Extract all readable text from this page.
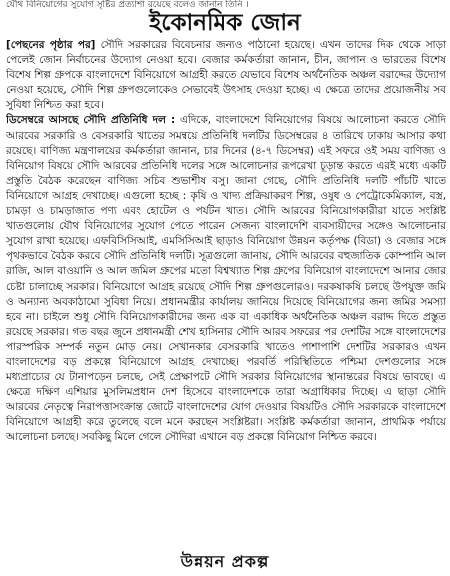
যৌথ বিনিয়োগের সুযোগ সৃষ্টির প্রত্যাশা রয়েছে বলেও জানান তিনি ।
ইকোনমিক জোন

[পেছনের পৃষ্ঠার পর] সৌদি সরকারের বিবেচনার জন্যও পাঠানো হয়েছে। এখন তাদের দিক থেকে সাড়া পেলেই জোন নির্বাচনের উদ্যোগ নেওয়া হবে। বেজার কর্মকর্তারা জানান, চীন, জাপান ও ভারতের বিশেষ বিশেষ শিল্প গ্রুপকে বাংলাদেশে বিনিয়োগে আগ্রহী করতে যেভাবে বিশেষ অর্থনৈতিক অঞ্চল বরাদ্দের উদ্যোগ নেওয়া হয়েছে, সৌদি শিল্প গ্রুপগুলোকেও সেভাবেই উৎসাহ দেওয়া হচ্ছে। এ ক্ষেত্রে তাদের প্রয়োজনীয় সব সুবিধা নিশ্চিত করা হবে।

ডিসেম্বরে আসছে সৌদি প্রতিনিধি দল : এদিকে, বাংলাদেশে বিনিয়োগের বিষয়ে আলোচনা করতে সৌদি আরবের সরকারি ও বেসরকারি খাতের সমন্বয়ে প্রতিনিধি দলটির ডিসেম্বরের ৪ তারিখে ঢাকায় আসার কথা রয়েছে। বাণিজ্য মন্ত্রণালয়ের কর্মকর্তারা জানান, চার দিনের (৪-৭ ডিসেম্বর) এই সফরে ওই সময় বাণিজ্য ও বিনিয়োগ বিষয়ে সৌদি আরবের প্রতিনিধি দলের সঙ্গে আলোচনার রূপরেখা চূড়ান্ত করতে এরই মধ্যে একটি প্রস্তুতি বৈঠক করেছেন বাণিজ্য সচিব শুভাশীষ বসু। জানা গেছে, সৌদি প্রতিনিধি দলটি পাঁচটি খাতে বিনিয়োগে আগ্রহ দেখাচ্ছে। এগুলো হচ্ছে : কৃষি ও খাদ্য প্রক্রিয়াকরণ শিল্প, ওষুধ ও পেট্রোকেমিক্যাল, বস্ত্র, চামড়া ও চামড়াজাত পণ্য এবং হোটেল ও পর্যটন খাত। সৌদি আরবের বিনিয়োগকারীরা যাতে সংশ্লিষ্ট খাতগুলোয় যৌথ বিনিয়োগের সুযোগ পেতে পারেন সেজন্য বাংলাদেশি ব্যবসায়ীদের সঙ্গেও আলোচনার সুযোগ রাখা হয়েছে। এফবিসিসিআই, এমসিসিআই ছাড়াও বিনিয়োগ উন্নয়ন কর্তৃপক্ষ (বিডা) ও বেজার সঙ্গে পৃথকভাবে বৈঠক করবে সৌদি প্রতিনিধি দলটি। সূত্রগুলো জানায়, সৌদি আরবের বহুজাতিক কোম্পানি আল রাজি, আল বাওয়ানি ও আল জমিল গ্রুপের মতো বিশ্বখ্যাত শিল্প গ্রুপের বিনিয়োগ বাংলাদেশে আনার জোর চেষ্টা চালাচ্ছে সরকার। বিনিয়োগে আগ্রহ রয়েছে সৌদি শিল্প গ্রুপগুলোরও। দরকষাকষি চলছে উপযুক্ত জমি ও অন্যান্য অবকাঠামো সুবিধা নিয়ে। প্রধানমন্ত্রীর কার্যালয় জানিয়ে দিয়েছে বিনিয়োগের জন্য জমির সমস্যা হবে না। চাইলে শুধু সৌদি বিনিয়োগকারীদের জন্য এক বা একাধিক অর্থনৈতিক অঞ্চল বরাদ্দ দিতে প্রস্তুত রয়েছে সরকার। গত বছর জুনে প্রধানমন্ত্রী শেখ হাসিনার সৌদি আরব সফরের পর দেশটির সঙ্গে বাংলাদেশের পারস্পরিক সম্পর্ক নতুন মোড় নেয়। সেখানকার বেসরকারি খাতেও পাশাপাশি দেশটির সরকারও এখন বাংলাদেশের বড় প্রকল্পে বিনিয়োগে আগ্রহ দেখাচ্ছে। পরবর্তি পরিস্থিতিতে পশ্চিমা দেশগুলোর সঙ্গে মধ্যপ্রাচ্যের যে টানাপড়েন চলছে, সেই প্রেক্ষাপটে সৌদি সরকার বিনিয়োগের স্থানান্তরের বিষয়ে ভাবছে। এ ক্ষেত্রে দক্ষিণ এশিয়ার মুসলিমপ্রধান দেশ হিসেবে বাংলাদেশকে তারা অগ্রাধিকার দিচ্ছে। এ ছাড়া সৌদি আরবের নেতৃত্বে নিরাপত্তাসংক্রান্ত জোটে বাংলাদেশের যোগ দেওয়ার বিষয়টিও সৌদি সরকারকে বাংলাদেশে বিনিয়োগে আগ্রহী করে তুলেছে বলে মনে করছেন সংশ্লিষ্টরা। সংশ্লিষ্ট কর্মকর্তারা জানান, প্রাথমিক পর্যায়ে আলোচনা চলছে। সবকিছু মিলে গেলে সৌদিরা এখানে বড় প্রকল্পে বিনিয়োগ নিশ্চিত করবে।

উন্নয়ন প্রকল্প
